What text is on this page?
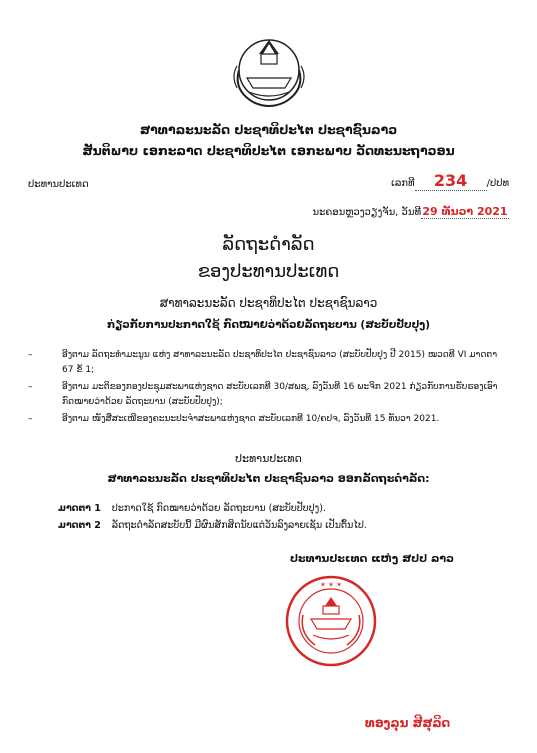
ສາທາລະນະລັດ ປະຊາທິປະໄຕ ປະຊາຊົນລາວ
ສັນຕິພາບ ເອກະລາດ ປະຊາທິປະໄຕ ເອກະພາບ ວັດທະນະຖາວອນ
ປະທານປະເທດ	ເລກທີ 234 /ປປທ
ນະຄອນຫຼວງວຽງຈັນ, ວັນທີ29 ທັນວາ 2021
ລັດຖະດຳລັດ
ຂອງປະທານປະເທດ
ສາທາລະນະລັດ ປະຊາທິປະໄຕ ປະຊາຊົນລາວ
ກ່ຽວກັບການປະກາດໃຊ້ ກົດໝາຍວ່າດ້ວຍລັດຖະບານ (ສະບັບປັບປຸງ)
–	ອີງຕາມ ລັດຖະທຳມະນູນ ແຫ່ງ ສາທາລະນະລັດ ປະຊາທິປະໄຕ ປະຊາຊົນລາວ (ສະບັບປັບປຸງ ປີ 2015) ໝວດທີ VI ມາດຕາ 67 ຂໍ້ 1;
–	ອີງຕາມ ມະຕິຂອງກອງປະຊຸມສະພາແຫ່ງຊາດ ສະບັບເລກທີ 30/ສພຊ, ລົງວັນທີ 16 ພະຈິກ 2021 ກ່ຽວກັບການຮັບຮອງເອົາກົດໝາຍວ່າດ້ວຍ ລັດຖະບານ (ສະບັບປັບປຸງ);
–	ອີງຕາມ ໜັງສືສະເໜີຂອງຄະນະປະຈຳສະພາແຫ່ງຊາດ ສະບັບເລກທີ 10/ຄປຈ, ລົງວັນທີ 15 ທັນວາ 2021.
ປະທານປະເທດ
ສາທາລະນະລັດ ປະຊາທິປະໄຕ ປະຊາຊົນລາວ ອອກລັດຖະດຳລັດ:
ມາດຕາ 1 ປະກາດໃຊ້ ກົດໝາຍວ່າດ້ວຍ ລັດຖະບານ (ສະບັບປັບປຸງ).
ມາດຕາ 2 ລັດຖະດຳລັດສະບັບນີ້ ມີຜົນສັກສິດນັບແຕ່ວັນລົງລາຍເຊັນ ເປັນຕົ້ນໄປ.
ປະທານປະເທດ ແຫ່ງ ສປປ ລາວ
✶ ✶ ✶
ທອງລຸນ ສີສຸລິດ
